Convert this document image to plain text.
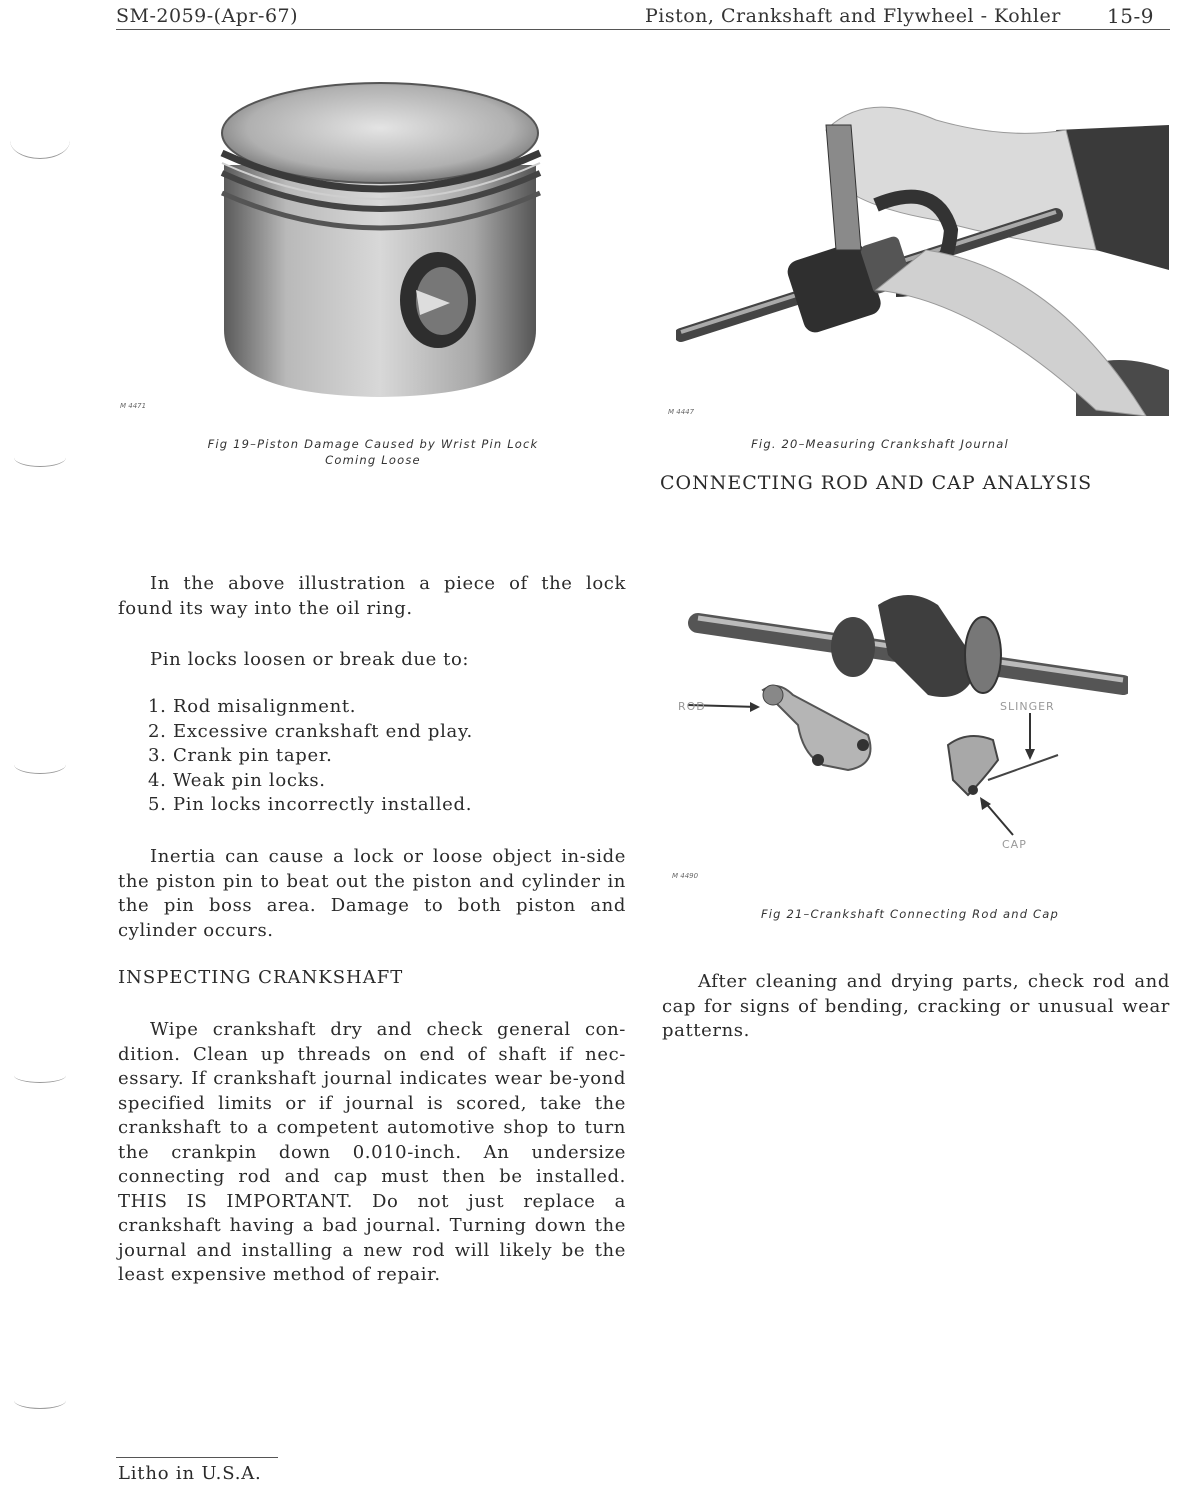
SM-2059-(Apr-67)	Piston, Crankshaft and Flywheel - Kohler 15-9
M 4471
Fig 19–Piston Damage Caused by Wrist Pin Lock
Coming Loose
M 4447
Fig. 20–Measuring Crankshaft Journal
CONNECTING ROD AND CAP ANALYSIS
In the above illustration a piece of the lock found its way into the oil ring.
Pin locks loosen or break due to:
1. Rod misalignment.
2. Excessive crankshaft end play.
3. Crank pin taper.
4. Weak pin locks.
5. Pin locks incorrectly installed.
Inertia can cause a lock or loose object in-side the piston pin to beat out the piston and cylinder in the pin boss area. Damage to both piston and cylinder occurs.
INSPECTING CRANKSHAFT
Wipe crankshaft dry and check general con-dition. Clean up threads on end of shaft if nec-essary. If crankshaft journal indicates wear be-yond specified limits or if journal is scored, take the crankshaft to a competent automotive shop to turn the crankpin down 0.010-inch. An undersize connecting rod and cap must then be installed. THIS IS IMPORTANT. Do not just replace a crankshaft having a bad journal. Turning down the journal and installing a new rod will likely be the least expensive method of repair.
ROD	SLINGER
CAP
M 4490
Fig 21–Crankshaft Connecting Rod and Cap
After cleaning and drying parts, check rod and cap for signs of bending, cracking or unusual wear patterns.
Litho in U.S.A.
